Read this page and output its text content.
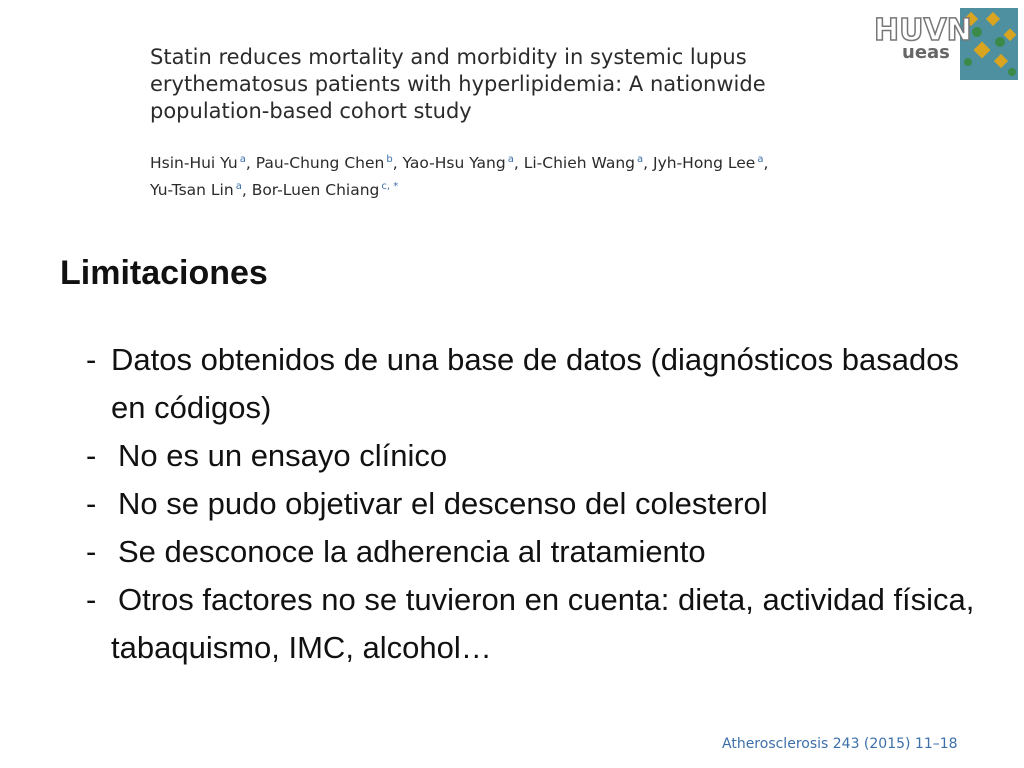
HUVN
ueas
Statin reduces mortality and morbidity in systemic lupus erythematosus patients with hyperlipidemia: A nationwide population-based cohort study
Hsin-Hui Yu $^a$, Pau-Chung Chen $^b$, Yao-Hsu Yang $^a$, Li-Chieh Wang $^a$, Jyh-Hong Lee $^a$,
Yu-Tsan Lin $^a$, Bor-Luen Chiang $^{c, *}$
Limitaciones
- Datos obtenidos de una base de datos (diagnósticos basados en códigos)
- No es un ensayo clínico
- No se pudo objetivar el descenso del colesterol
- Se desconoce la adherencia al tratamiento
- Otros factores no se tuvieron en cuenta: dieta, actividad física, tabaquismo, IMC, alcohol…
Atherosclerosis 243 (2015) 11–18
